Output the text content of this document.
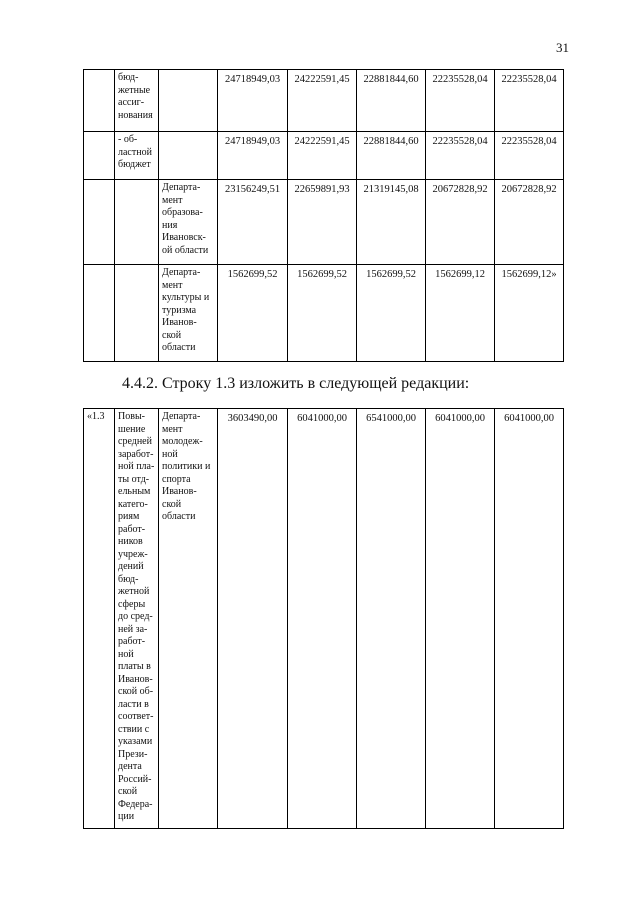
31
	бюд-жетные ассиг-нования		24718949,03	24222591,45	22881844,60	22235528,04	22235528,04
	- об-ластной бюджет		24718949,03	24222591,45	22881844,60	22235528,04	22235528,04
		Департа-мент образова-ния Ивановск-ой области	23156249,51	22659891,93	21319145,08	20672828,92	20672828,92
		Департа-мент культуры и туризма Иванов-ской области	1562699,52	1562699,52	1562699,52	1562699,12	1562699,12»
4.4.2. Строку 1.3 изложить в следующей редакции:
«1.3	Повы-шение средней заработ-ной пла-ты отд-ельным катего-риям работ-ников учреж-дений бюд-жетной сферы до сред-ней за-работ-ной платы в Иванов-ской об-ласти в соответ-ствии с указами Прези-дента Россий-ской Федера-ции	Департа-мент молодеж-ной политики и спорта Иванов-ской области	3603490,00	6041000,00	6541000,00	6041000,00	6041000,00
